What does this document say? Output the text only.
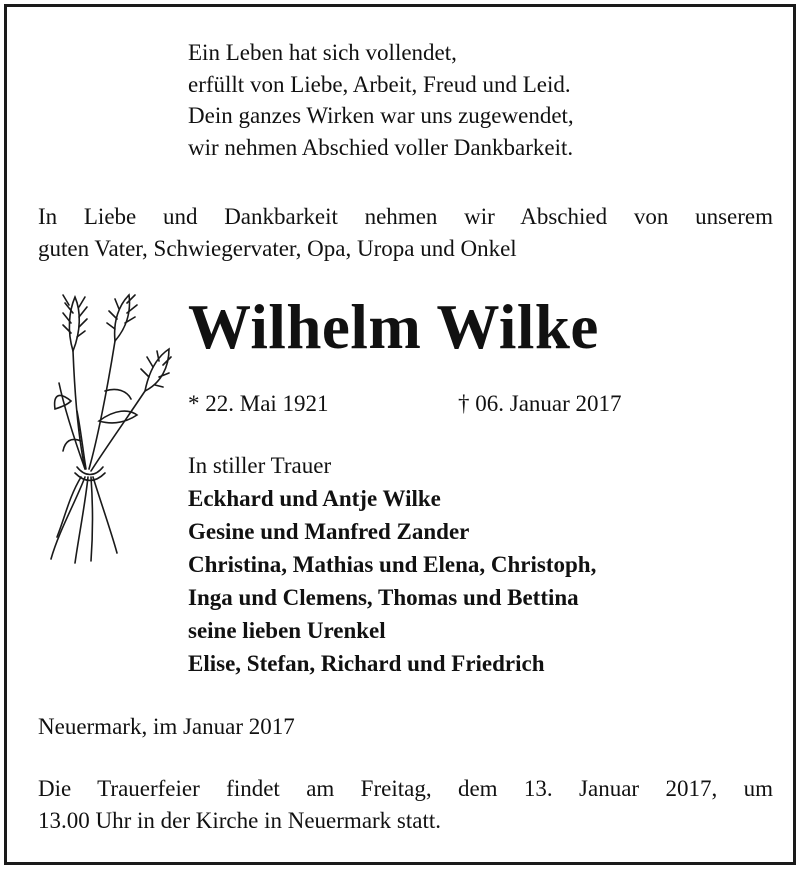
Ein Leben hat sich vollendet,
erfüllt von Liebe, Arbeit, Freud und Leid.
Dein ganzes Wirken war uns zugewendet,
wir nehmen Abschied voller Dankbarkeit.
In Liebe und Dankbarkeit nehmen wir Abschied von unserem
guten Vater, Schwiegervater, Opa, Uropa und Onkel
Wilhelm Wilke
* 22. Mai 1921	† 06. Januar 2017
In stiller Trauer
Eckhard und Antje Wilke
Gesine und Manfred Zander
Christina, Mathias und Elena, Christoph,
Inga und Clemens, Thomas und Bettina
seine lieben Urenkel
Elise, Stefan, Richard und Friedrich
Neuermark, im Januar 2017
Die Trauerfeier findet am Freitag, dem 13. Januar 2017, um
13.00 Uhr in der Kirche in Neuermark statt.
